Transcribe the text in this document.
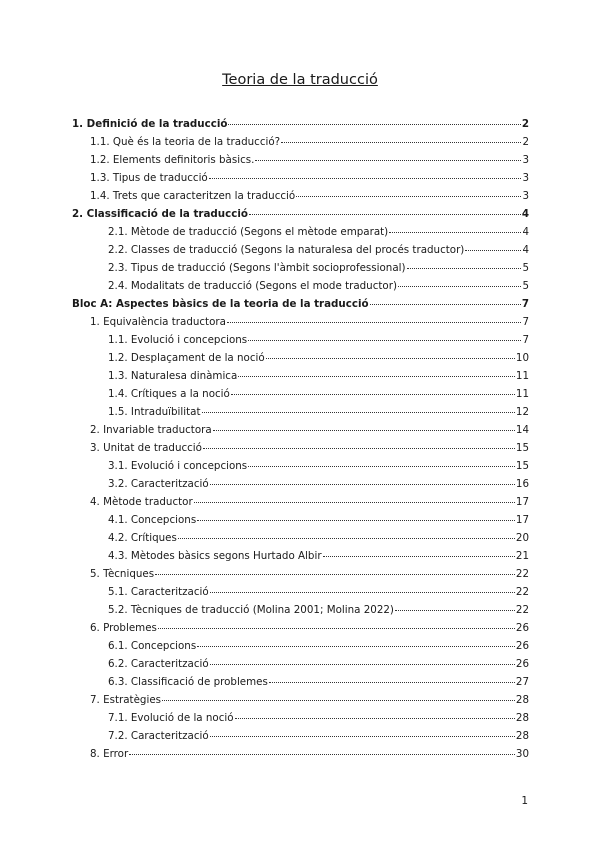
Teoria de la traducció
1. Definició de la traducció	2
1.1. Què és la teoria de la traducció?	2
1.2. Elements definitoris bàsics.	3
1.3. Tipus de traducció	3
1.4. Trets que caracteritzen la traducció	3
2. Classificació de la traducció	4
2.1. Mètode de traducció (Segons el mètode emparat)	4
2.2. Classes de traducció (Segons la naturalesa del procés traductor)	4
2.3. Tipus de traducció (Segons l'àmbit socioprofessional)	5
2.4. Modalitats de traducció (Segons el mode traductor)	5
Bloc A: Aspectes bàsics de la teoria de la traducció	7
1. Equivalència traductora	7
1.1. Evolució i concepcions	7
1.2. Desplaçament de la noció	10
1.3. Naturalesa dinàmica	11
1.4. Crítiques a la noció	11
1.5. Intraduïbilitat	12
2. Invariable traductora	14
3. Unitat de traducció	15
3.1. Evolució i concepcions	15
3.2. Caracterització	16
4. Mètode traductor	17
4.1. Concepcions	17
4.2. Crítiques	20
4.3. Mètodes bàsics segons Hurtado Albir	21
5. Tècniques	22
5.1. Caracterització	22
5.2. Tècniques de traducció (Molina 2001; Molina 2022)	22
6. Problemes	26
6.1. Concepcions	26
6.2. Caracterització	26
6.3. Classificació de problemes	27
7. Estratègies	28
7.1. Evolució de la noció	28
7.2. Caracterització	28
8. Error	30
1
